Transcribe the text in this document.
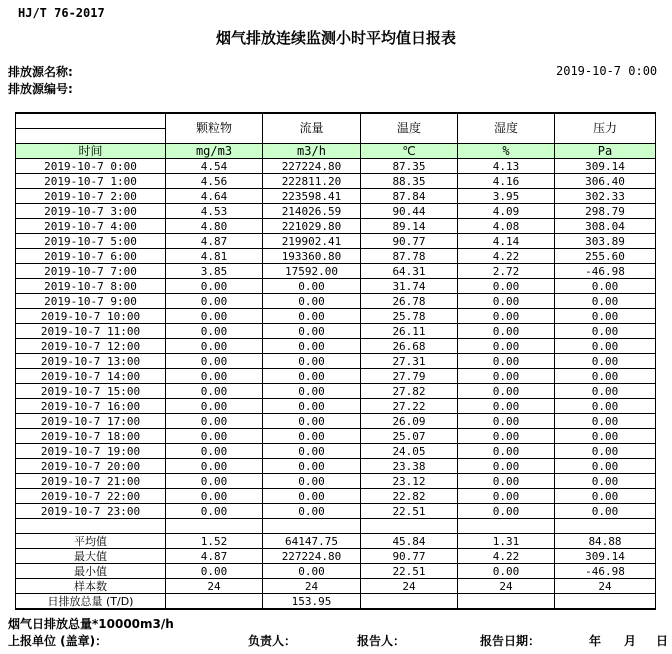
HJ/T 76-2017
烟气排放连续监测小时平均值日报表
排放源名称:
排放源编号:
2019-10-7 0:00
	颗粒物	流量	温度	湿度	压力

时间	mg/m3	m3/h	℃	%	Pa
2019-10-7 0:00	4.54	227224.80	87.35	4.13	309.14
2019-10-7 1:00	4.56	222811.20	88.35	4.16	306.40
2019-10-7 2:00	4.64	223598.41	87.84	3.95	302.33
2019-10-7 3:00	4.53	214026.59	90.44	4.09	298.79
2019-10-7 4:00	4.80	221029.80	89.14	4.08	308.04
2019-10-7 5:00	4.87	219902.41	90.77	4.14	303.89
2019-10-7 6:00	4.81	193360.80	87.78	4.22	255.60
2019-10-7 7:00	3.85	17592.00	64.31	2.72	-46.98
2019-10-7 8:00	0.00	0.00	31.74	0.00	0.00
2019-10-7 9:00	0.00	0.00	26.78	0.00	0.00
2019-10-7 10:00	0.00	0.00	25.78	0.00	0.00
2019-10-7 11:00	0.00	0.00	26.11	0.00	0.00
2019-10-7 12:00	0.00	0.00	26.68	0.00	0.00
2019-10-7 13:00	0.00	0.00	27.31	0.00	0.00
2019-10-7 14:00	0.00	0.00	27.79	0.00	0.00
2019-10-7 15:00	0.00	0.00	27.82	0.00	0.00
2019-10-7 16:00	0.00	0.00	27.22	0.00	0.00
2019-10-7 17:00	0.00	0.00	26.09	0.00	0.00
2019-10-7 18:00	0.00	0.00	25.07	0.00	0.00
2019-10-7 19:00	0.00	0.00	24.05	0.00	0.00
2019-10-7 20:00	0.00	0.00	23.38	0.00	0.00
2019-10-7 21:00	0.00	0.00	23.12	0.00	0.00
2019-10-7 22:00	0.00	0.00	22.82	0.00	0.00
2019-10-7 23:00	0.00	0.00	22.51	0.00	0.00

平均值	1.52	64147.75	45.84	1.31	84.88
最大值	4.87	227224.80	90.77	4.22	309.14
最小值	0.00	0.00	22.51	0.00	-46.98
样本数	24	24	24	24	24
日排放总量 (T/D)		153.95			
烟气日排放总量*10000m3/h
上报单位 (盖章)：	负责人：	报告人：	报告日期：	年 月 日
